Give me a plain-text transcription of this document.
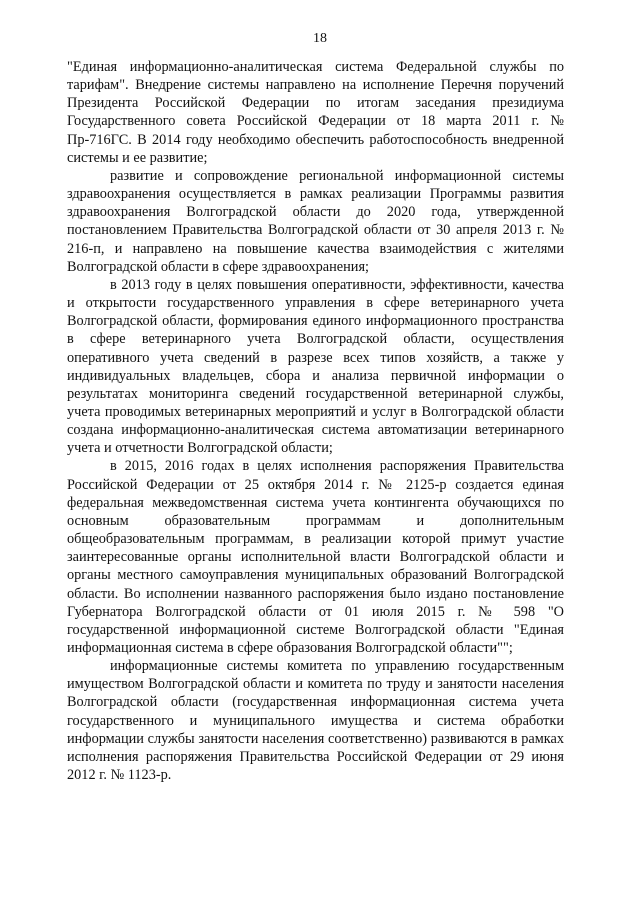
18

"Единая информационно-аналитическая система Федеральной службы по тарифам". Внедрение системы направлено на исполнение Перечня поручений Президента Российской Федерации по итогам заседания президиума Государственного совета Российской Федерации от 18 марта 2011 г. № Пр-716ГС. В 2014 году необходимо обеспечить работоспособность внедренной системы и ее развитие;

развитие и сопровождение региональной информационной системы здравоохранения осуществляется в рамках реализации Программы развития здравоохранения Волгоградской области до 2020 года, утвержденной постановлением Правительства Волгоградской области от 30 апреля 2013 г. № 216-п, и направлено на повышение качества взаимодействия с жителями Волгоградской области в сфере здравоохранения;

в 2013 году в целях повышения оперативности, эффективности, качества и открытости государственного управления в сфере ветеринарного учета Волгоградской области, формирования единого информационного пространства в сфере ветеринарного учета Волгоградской области, осуществления оперативного учета сведений в разрезе всех типов хозяйств, а также у индивидуальных владельцев, сбора и анализа первичной информации о результатах мониторинга сведений государственной ветеринарной службы, учета проводимых ветеринарных мероприятий и услуг в Волгоградской области создана информационно-аналитическая система автоматизации ветеринарного учета и отчетности Волгоградской области;

в 2015, 2016 годах в целях исполнения распоряжения Правительства Российской Федерации от 25 октября 2014 г. № 2125-р создается единая федеральная межведомственная система учета контингента обучающихся по основным образовательным программам и дополнительным общеобразовательным программам, в реализации которой примут участие заинтересованные органы исполнительной власти Волгоградской области и органы местного самоуправления муниципальных образований Волгоградской области. Во исполнении названного распоряжения было издано постановление Губернатора Волгоградской области от 01 июля 2015 г. № 598 "О государственной информационной системе Волгоградской области "Единая информационная система в сфере образования Волгоградской области"";

информационные системы комитета по управлению государственным имуществом Волгоградской области и комитета по труду и занятости населения Волгоградской области (государственная информационная система учета государственного и муниципального имущества и система обработки информации службы занятости населения соответственно) развиваются в рамках исполнения распоряжения Правительства Российской Федерации от 29 июня 2012 г. № 1123-р.
